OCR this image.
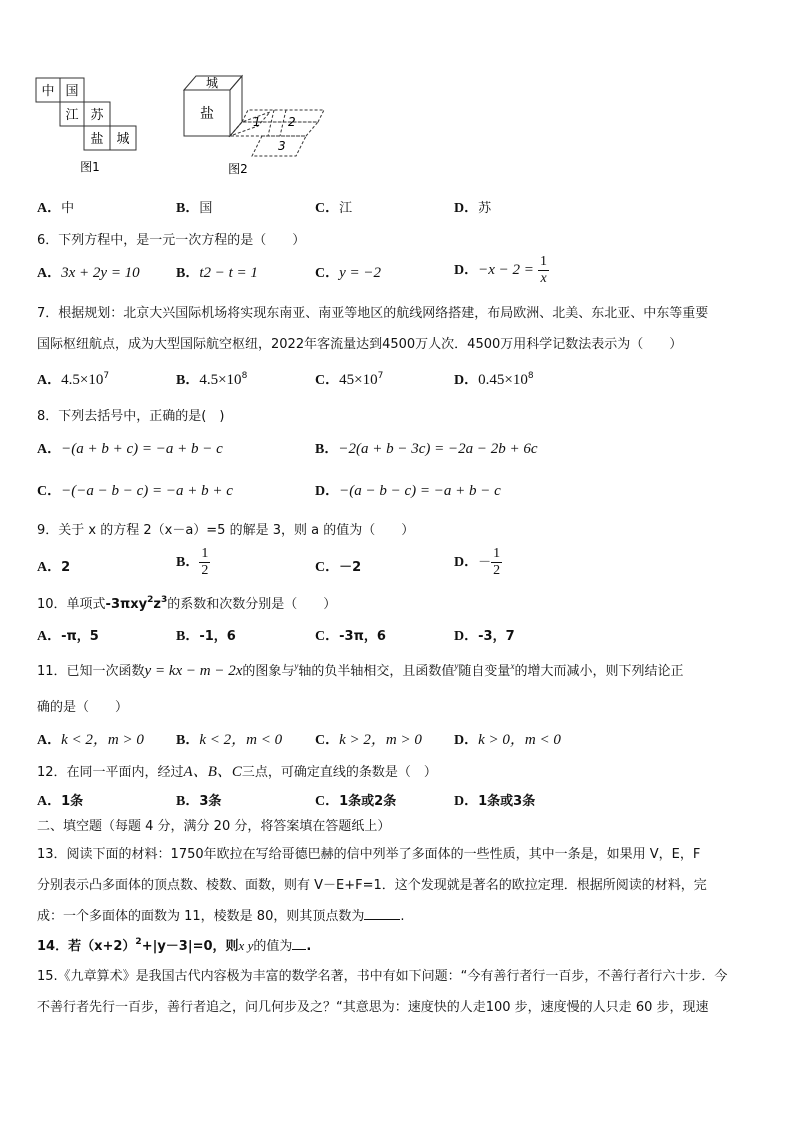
中 国
江 苏
盐 城
图1
城
盐	1 2
3
图2
A．中	B．国	C．江	D．苏
6．下列方程中，是一元一次方程的是（　　）
A．3x + 2y = 10	B．t2 − t = 1	C．y = −2	D．$-x - 2 = \frac{1}{x}$
7．根据规划：北京大兴国际机场将实现东南亚、南亚等地区的航线网络搭建，布局欧洲、北美、东北亚、中东等重要
国际枢纽航点，成为大型国际航空枢纽，2022年客流量达到4500万人次．4500万用科学记数法表示为（　　）
A．$4.5\times 10^7$	B．$4.5\times 10^8$	C．$45\times 10^7$	D．$0.45\times 10^8$
8．下列去括号中，正确的是(　)
A．−(a + b + c) = −a + b − c	B．−2(a + b − 3c) = −2a − 2b + 6c
C．−(−a − b − c) = −a + b + c	D．−(a − b − c) = −a + b − c
9．关于 x 的方程 2（x－a）=5 的解是 3，则 a 的值为（　　）
A．2	B． $\frac{1}{2}$	C．－2	D．－ $\frac{1}{2}$
10．单项式$-3\pi xy^2z^3$的系数和次数分别是（　　）
A．-π，5	B．-1，6	C．-3π，6	D．-3，7
11．已知一次函数y = kx − m − 2x的图象与$^y$轴的负半轴相交，且函数值$^y$随自变量$^x$的增大而减小，则下列结论正
确的是（　　）
A．k < 2，m > 0 B．k < 2，m < 0 C．k > 2，m > 0 D．k > 0，m < 0
12．在同一平面内，经过A、B、C三点，可确定直线的条数是（　）
A．1条	B．3条	C．1条或2条	D．1条或3条
二、填空题（每题 4 分，满分 20 分，将答案填在答题纸上）
13．阅读下面的材料：1750年欧拉在写给哥德巴赫的信中列举了多面体的一些性质，其中一条是，如果用 V，E，F
分别表示凸多面体的顶点数、棱数、面数，则有 V－E+F=1．这个发现就是著名的欧拉定理．根据所阅读的材料，完
成：一个多面体的面数为 11，棱数是 80，则其顶点数为	.
14．若$(x+2)^2+|y-3|=0$，则x y的值为 .
15.《九章算术》是我国古代内容极为丰富的数学名著，书中有如下问题：“今有善行者行一百步，不善行者行六十步．今
不善行者先行一百步，善行者追之，问几何步及之？“其意思为：速度快的人走100 步，速度慢的人只走 60 步，现速
